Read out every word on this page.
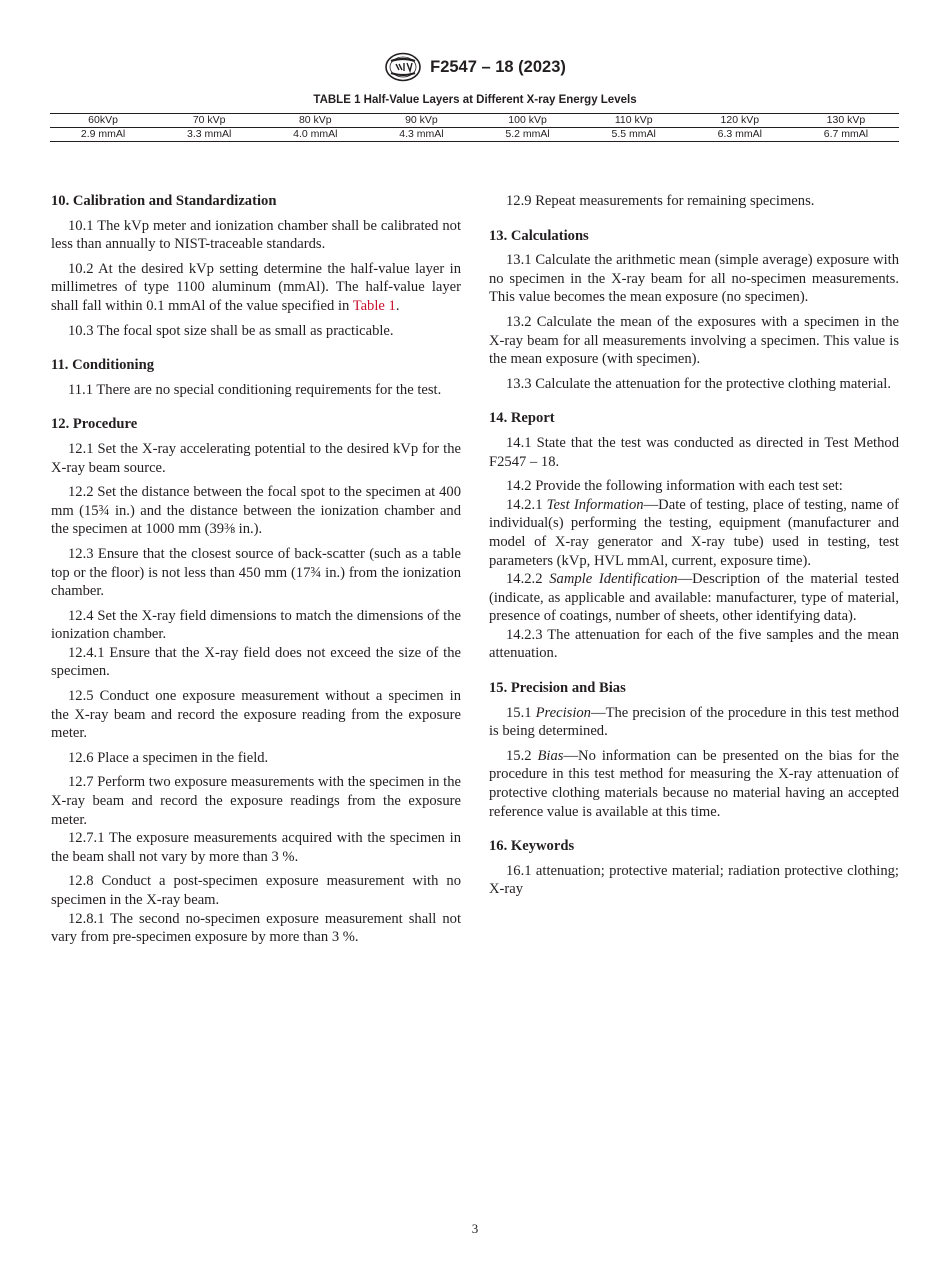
F2547 – 18 (2023)
TABLE 1 Half-Value Layers at Different X-ray Energy Levels
60kVp	70 kVp	80 kVp	90 kVp	100 kVp	110 kVp	120 kVp	130 kVp
2.9 mmAl	3.3 mmAl	4.0 mmAl	4.3 mmAl	5.2 mmAl	5.5 mmAl	6.3 mmAl	6.7 mmAl
10. Calibration and Standardization

10.1 The kVp meter and ionization chamber shall be calibrated not less than annually to NIST-traceable standards.

10.2 At the desired kVp setting determine the half-value layer in millimetres of type 1100 aluminum (mmAl). The half-value layer shall fall within 0.1 mmAl of the value specified in Table 1.

10.3 The focal spot size shall be as small as practicable.

11. Conditioning

11.1 There are no special conditioning requirements for the test.

12. Procedure

12.1 Set the X-ray accelerating potential to the desired kVp for the X-ray beam source.

12.2 Set the distance between the focal spot to the specimen at 400 mm (15¾ in.) and the distance between the ionization chamber and the specimen at 1000 mm (39⅜ in.).

12.3 Ensure that the closest source of back-scatter (such as a table top or the floor) is not less than 450 mm (17¾ in.) from the ionization chamber.

12.4 Set the X-ray field dimensions to match the dimensions of the ionization chamber.

12.4.1 Ensure that the X-ray field does not exceed the size of the specimen.

12.5 Conduct one exposure measurement without a specimen in the X-ray beam and record the exposure reading from the exposure meter.

12.6 Place a specimen in the field.

12.7 Perform two exposure measurements with the specimen in the X-ray beam and record the exposure readings from the exposure meter.

12.7.1 The exposure measurements acquired with the specimen in the beam shall not vary by more than 3 %.

12.8 Conduct a post-specimen exposure measurement with no specimen in the X-ray beam.

12.8.1 The second no-specimen exposure measurement shall not vary from pre-specimen exposure by more than 3 %.

12.9 Repeat measurements for remaining specimens.

13. Calculations

13.1 Calculate the arithmetic mean (simple average) exposure with no specimen in the X-ray beam for all no-specimen measurements. This value becomes the mean exposure (no specimen).

13.2 Calculate the mean of the exposures with a specimen in the X-ray beam for all measurements involving a specimen. This value is the mean exposure (with specimen).

13.3 Calculate the attenuation for the protective clothing material.

14. Report

14.1 State that the test was conducted as directed in Test Method F2547 – 18.

14.2 Provide the following information with each test set:

14.2.1 Test Information—Date of testing, place of testing, name of individual(s) performing the testing, equipment (manufacturer and model of X-ray generator and X-ray tube) used in testing, test parameters (kVp, HVL mmAl, current, exposure time).

14.2.2 Sample Identification—Description of the material tested (indicate, as applicable and available: manufacturer, type of material, presence of coatings, number of sheets, other identifying data).

14.2.3 The attenuation for each of the five samples and the mean attenuation.

15. Precision and Bias

15.1 Precision—The precision of the procedure in this test method is being determined.

15.2 Bias—No information can be presented on the bias for the procedure in this test method for measuring the X-ray attenuation of protective clothing materials because no material having an accepted reference value is available at this time.

16. Keywords

16.1 attenuation; protective material; radiation protective clothing; X-ray

3
